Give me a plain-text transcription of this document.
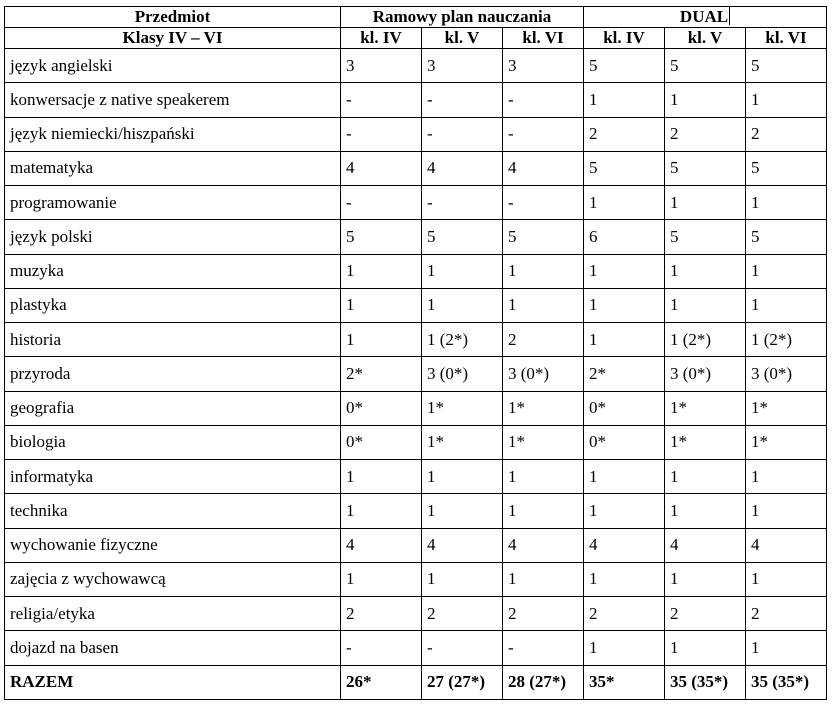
Przedmiot	Ramowy plan nauczania			DUAL		
Klasy IV – VI	kl. IV	kl. V	kl. VI	kl. IV	kl. V	kl. VI
język angielski	3	3	3	5	5	5
konwersacje z native speakerem	-	-	-	1	1	1
język niemiecki/hiszpański	-	-	-	2	2	2
matematyka	4	4	4	5	5	5
programowanie	-	-	-	1	1	1
język polski	5	5	5	6	5	5
muzyka	1	1	1	1	1	1
plastyka	1	1	1	1	1	1
historia	1	1 (2*)	2	1	1 (2*)	1 (2*)
przyroda	2*	3 (0*)	3 (0*)	2*	3 (0*)	3 (0*)
geografia	0*	1*	1*	0*	1*	1*
biologia	0*	1*	1*	0*	1*	1*
informatyka	1	1	1	1	1	1
technika	1	1	1	1	1	1
wychowanie fizyczne	4	4	4	4	4	4
zajęcia z wychowawcą	1	1	1	1	1	1
religia/etyka	2	2	2	2	2	2
dojazd na basen	-	-	-	1	1	1
RAZEM	26*	27 (27*)	28 (27*)	35*	35 (35*)	35 (35*)
